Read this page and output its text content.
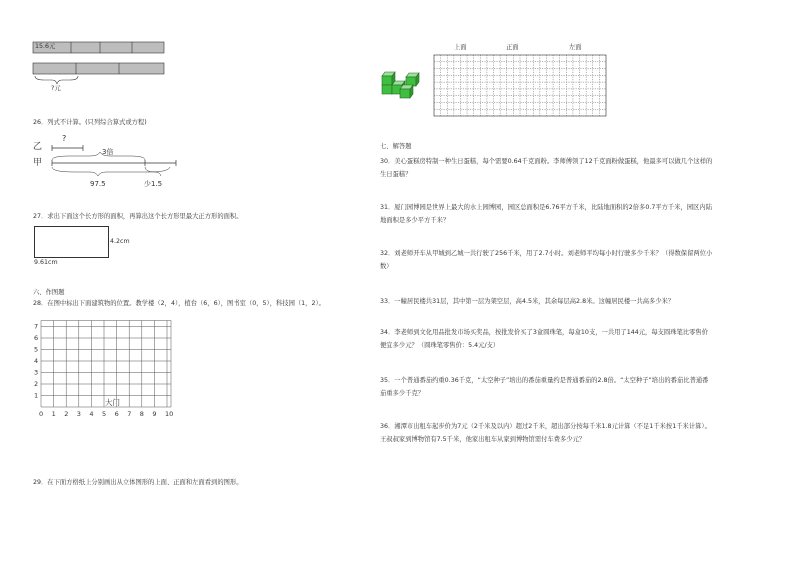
15.6元
?元
26．列式不计算。(只列综合算式或方程)
乙
甲
?
3倍
97.5	少1.5
27．求出下面这个长方形的面积，再算出这个长方形里最大正方形的面积。
4.2cm
9.61cm
六、作图题
28．在图中标出下面建筑物的位置。教学楼（2，4），植台（6，6），图书室（0，5），科技园（1，2）。
0 1 2 3 4 5 6 7 8 9 10
1
2
3
4
5
6
7
大门
29．在下面方格纸上分别画出从立体图形的上面、正面和左面看到的图形。
上面	正面	左面
七、解答题
30．美心蛋糕房特制一种生日蛋糕，每个需要0.64千克面粉。李师傅领了12千克面粉做蛋糕，他最多可以做几个这样的生日蛋糕？
31．厦门园博园是世界上最大的水上园博园，园区总面积是6.76平方千米，比陆地面积的2倍多0.7平方千米，园区内陆地面积是多少平方千米？
32．刘老师开车从甲城到乙城一共行驶了256千米，用了2.7小时。刘老师平均每小时行驶多少千米？（得数保留两位小数）
33．一幢居民楼共31层，其中第一层为架空层，高4.5米，其余每层高2.8米。这幢居民楼一共高多少米？
34．李老师到文化用品批发市场买奖品，按批发价买了3盒圆珠笔，每盒10支，一共用了144元，每支圆珠笔比零售价便宜多少元？（圆珠笔零售价：5.4元/支）
35．一个普通番茄约重0.36千克，“太空种子”培出的番茄重量约是普通番茄的2.8倍。“太空种子”培出的番茄比普通番茄重多少千克？
36．湘潭市出租车起步价为7元（2千米及以内）超过2千米，超出部分按每千米1.8元计算（不足1千米按1千米计算）。王叔叔家到博物馆有7.5千米，他家出租车从家到博物馆需付车费多少元？
